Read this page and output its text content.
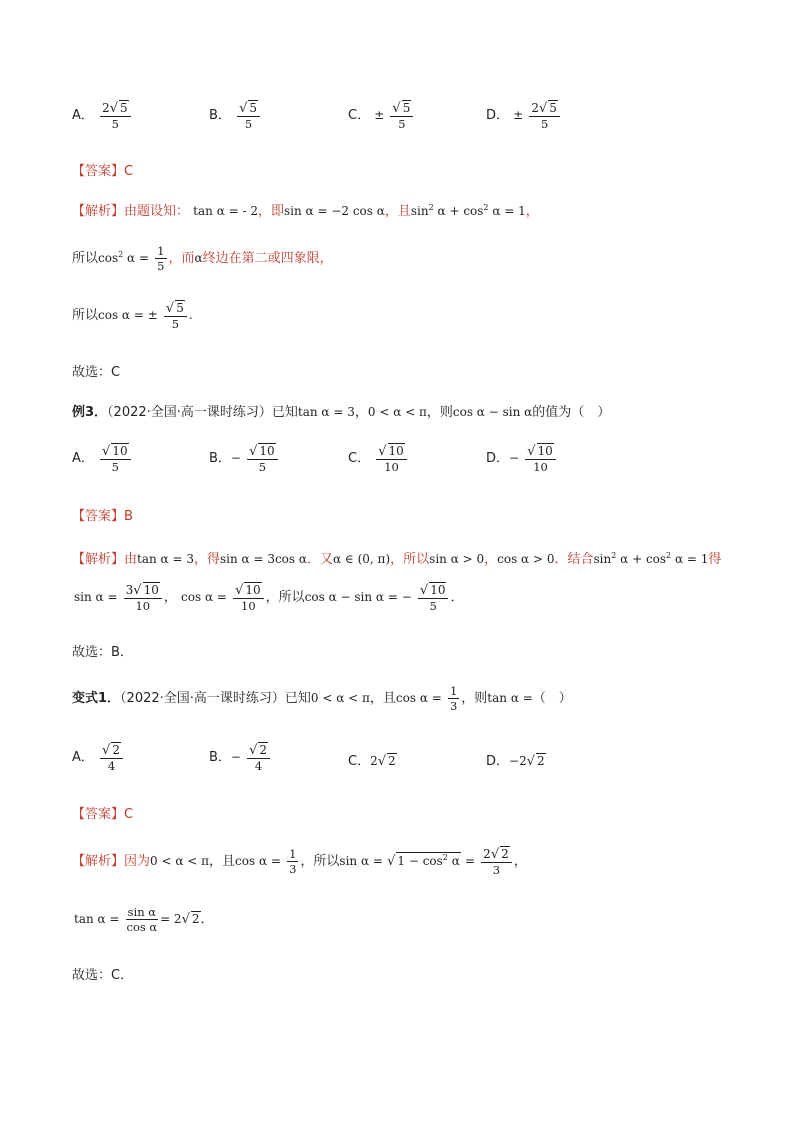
A． $\frac{2√ 5}{5}$	B． $\frac{√ 5}{5}$	C． ± $\frac{√ 5}{5}$	D． ± $\frac{2√ 5}{5}$
【答案】C
【解析】由题设知： tan α = - 2，即sin α = −2 cos α，且$\sin^2 \alpha + \cos^2 \alpha = 1$，
所以$\cos^2 \alpha = \frac{1}{5}$ ，而α终边在第二或四象限，
所以cos α = ± $\frac{√ 5}{5}$ .
故选：C
例3．（2022·全国·高一课时练习）已知tan α = 3，0 < α < π，则cos α − sin α的值为（　）
A． $\frac{√ 10}{5}$	B．− $\frac{√ 10}{5}$	C． $\frac{√ 10}{10}$	D．− $\frac{√ 10}{10}$
【答案】B
【解析】由tan α = 3，得sin α = 3cos α．又α ∈ (0, π)，所以sin α > 0，cos α > 0．结合$\sin^2 \alpha + \cos^2 \alpha = 1$得
$\sin \alpha = \frac{3√ 10}{10}$ ， $\cos \alpha = \frac{√ 10}{10}$ ，所以cos α − sin α = − $\frac{√ 10}{5}$ ．
故选：B．
变式1．（2022·全国·高一课时练习）已知0 < α < π，且$\cos \alpha = \frac{1}{3}$ ，则tan α =（　）
A． $\frac{√ 2}{4}$	B．− $\frac{√ 2}{4}$	C．2√ 2	D．−2√ 2
【答案】C
【解析】因为0 < α < π，且$\cos \alpha = \frac{1}{3}$ ，所以sin α = √ $1 - \cos^2 \alpha = \frac{2√ 2}{3}$ ，
$\tan \alpha = \frac{\text{sin α}}{\text{cos α}} = 2√$ 2．
故选：C．
